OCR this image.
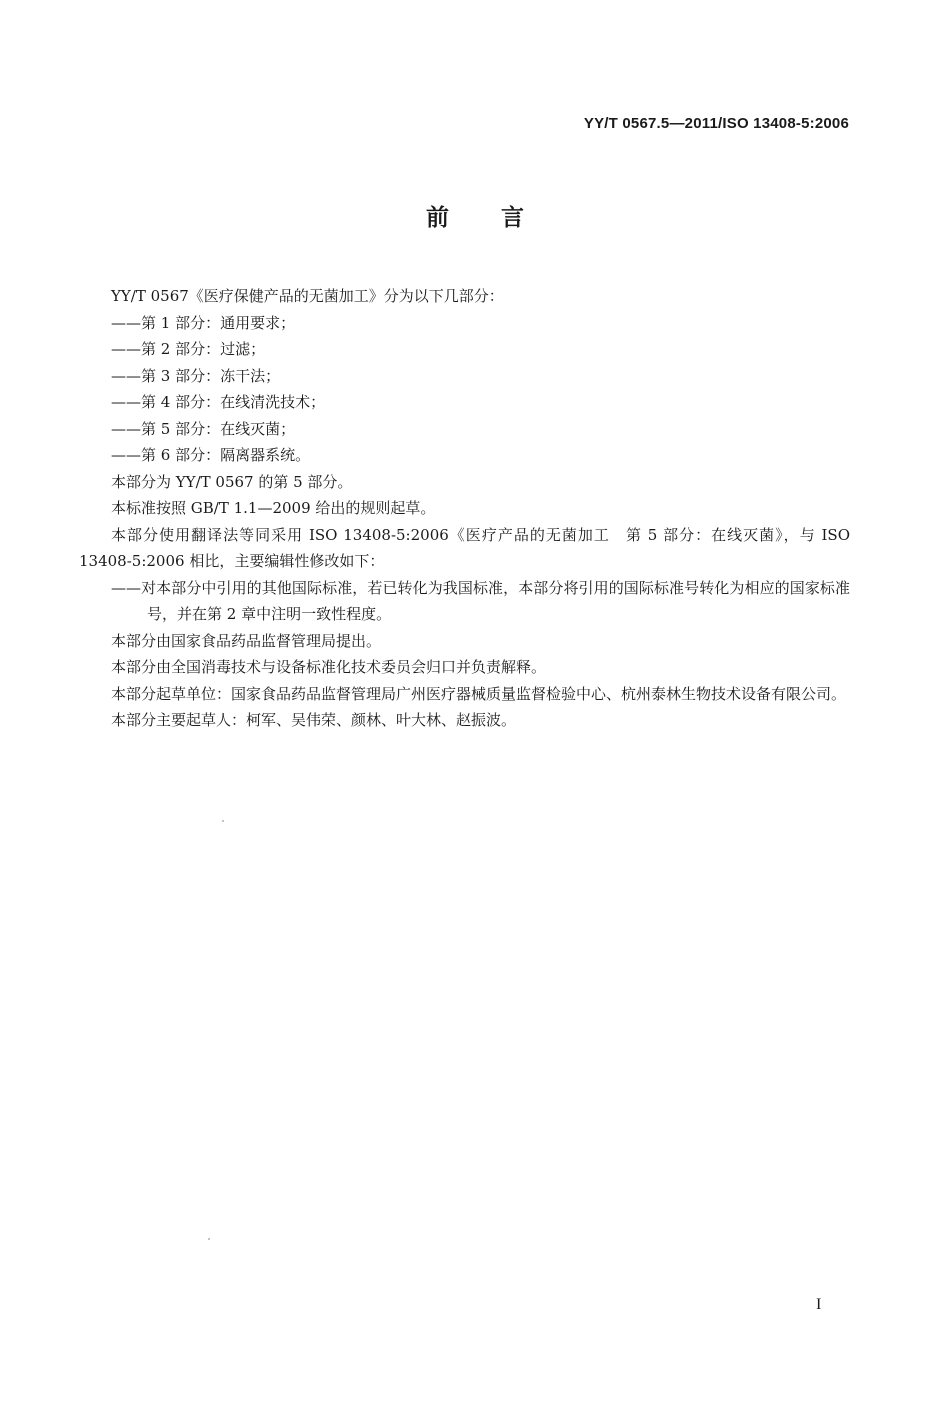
YY/T 0567.5—2011/ISO 13408-5:2006
前 言

YY/T 0567《医疗保健产品的无菌加工》分为以下几部分：

——第 1 部分：通用要求；

——第 2 部分：过滤；

——第 3 部分：冻干法；

——第 4 部分：在线清洗技术；

——第 5 部分：在线灭菌；

——第 6 部分：隔离器系统。

本部分为 YY/T 0567 的第 5 部分。

本标准按照 GB/T 1.1—2009 给出的规则起草。

本部分使用翻译法等同采用 ISO 13408-5:2006《医疗产品的无菌加工　第 5 部分：在线灭菌》，与 ISO 13408-5:2006 相比，主要编辑性修改如下：

——对本部分中引用的其他国际标准，若已转化为我国标准，本部分将引用的国际标准号转化为相应的国家标准号，并在第 2 章中注明一致性程度。

本部分由国家食品药品监督管理局提出。

本部分由全国消毒技术与设备标准化技术委员会归口并负责解释。

本部分起草单位：国家食品药品监督管理局广州医疗器械质量监督检验中心、杭州泰林生物技术设备有限公司。

本部分主要起草人：柯军、吴伟荣、颜林、叶大林、赵振波。

I
